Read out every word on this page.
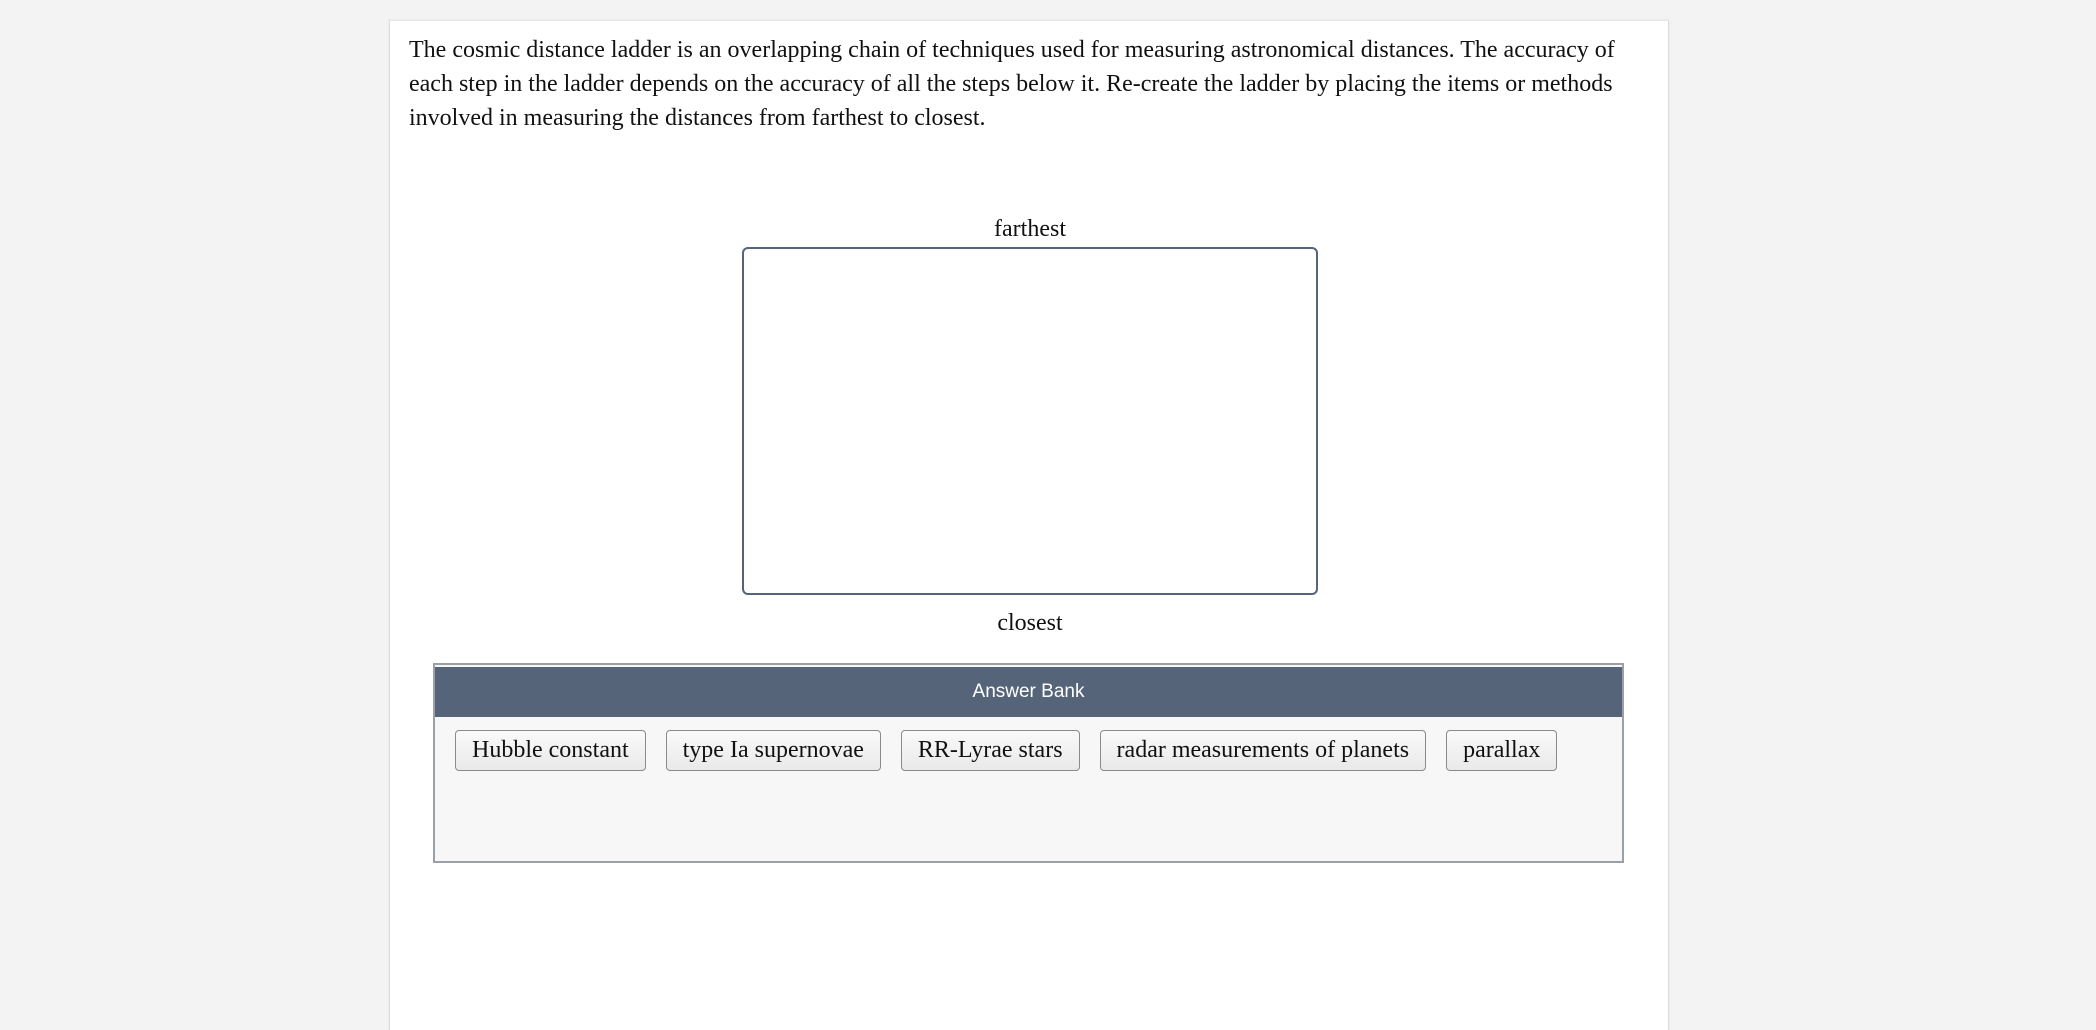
The cosmic distance ladder is an overlapping chain of techniques used for measuring astronomical distances. The accuracy of each step in the ladder depends on the accuracy of all the steps below it. Re-create the ladder by placing the items or methods involved in measuring the distances from farthest to closest.

farthest
closest
Answer Bank
Hubble constant	type Ia supernovae	RR-Lyrae stars	radar measurements of planets	parallax
